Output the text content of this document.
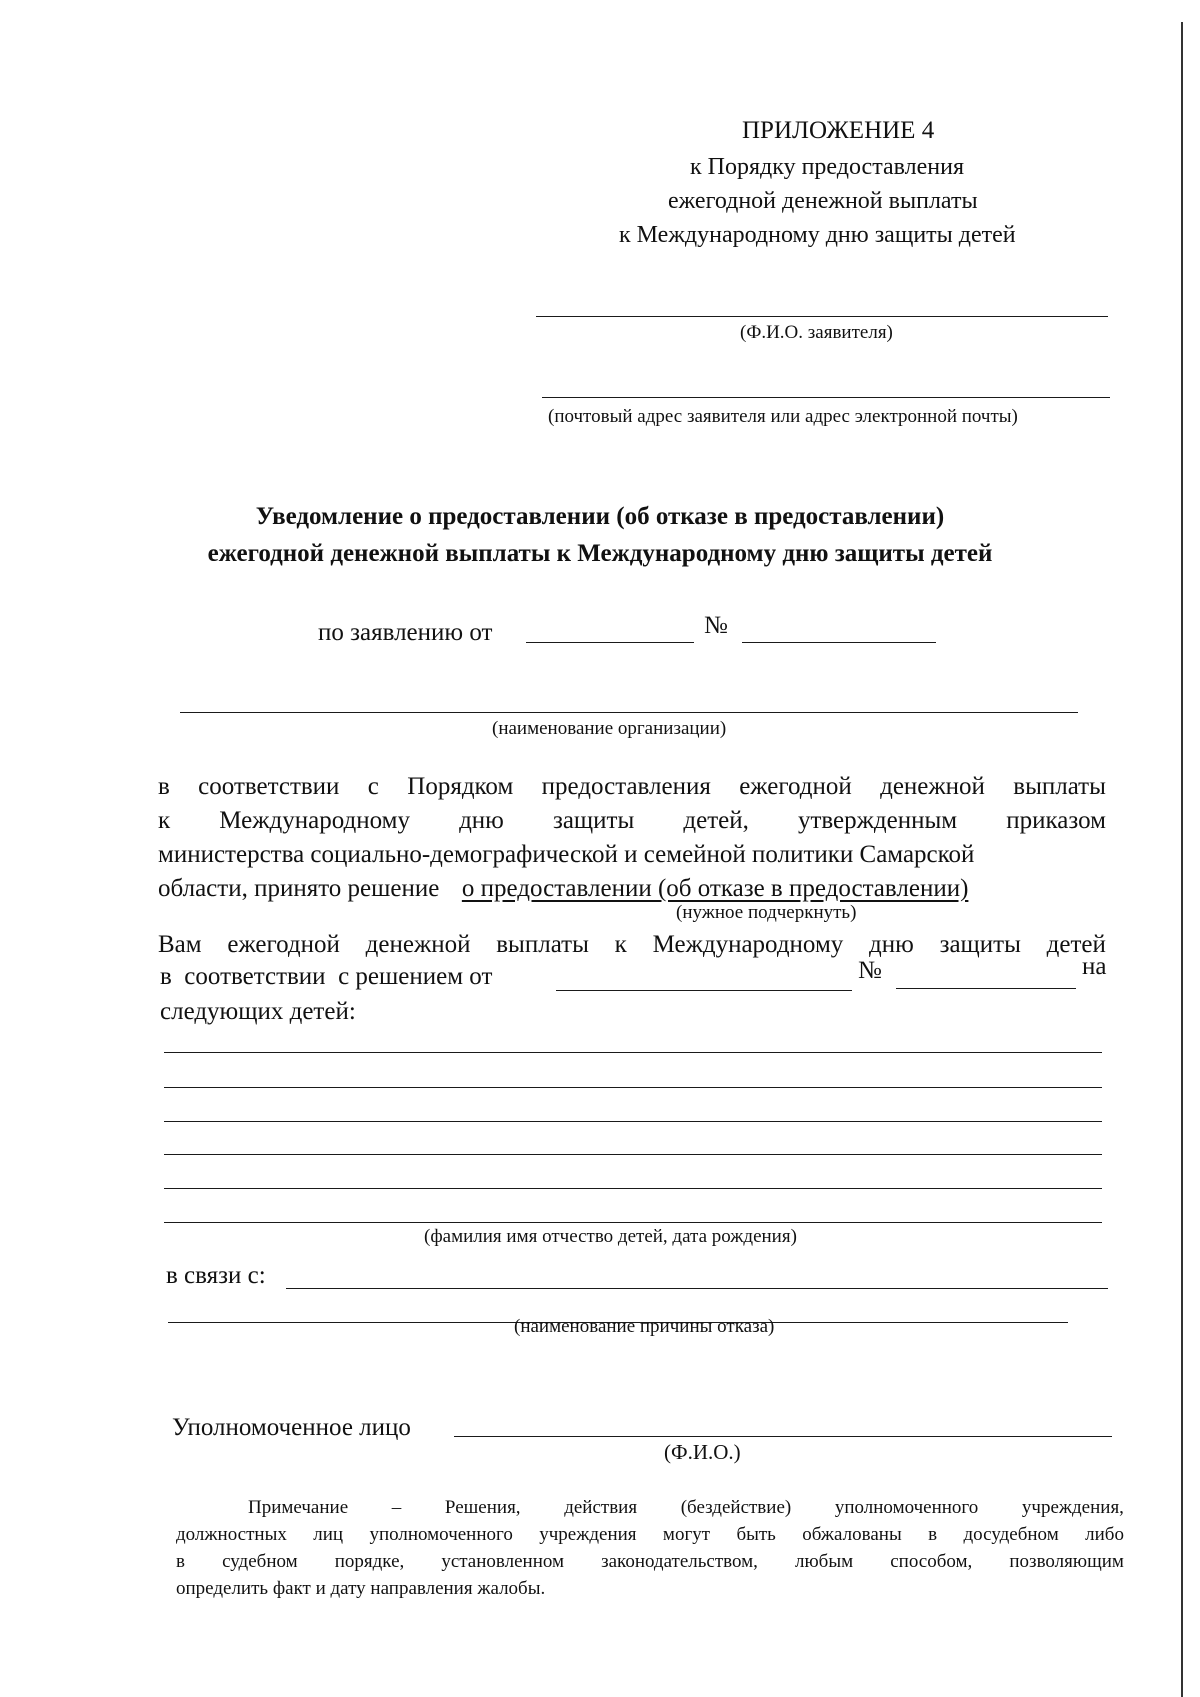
ПРИЛОЖЕНИЕ 4
к Порядку предоставления
ежегодной денежной выплаты
к Международному дню защиты детей
(Ф.И.О. заявителя)
(почтовый адрес заявителя или адрес электронной почты)
Уведомление о предоставлении (об отказе в предоставлении)
ежегодной денежной выплаты к Международному дню защиты детей
по заявлению от	№
(наименование организации)
в соответствии с Порядком предоставления ежегодной денежной выплаты
к Международному дню защиты детей, утвержденным приказом
министерства социально-демографической и семейной политики Самарской
области, принято решение о предоставлении (об отказе в предоставлении)
(нужное подчеркнуть)
Вам ежегодной денежной выплаты к Международному дню защиты детей
в  соответствии  с решением от	№	на
следующих детей:
(фамилия имя отчество детей, дата рождения)
в связи с:
(наименование причины отказа)
Уполномоченное лицо
(Ф.И.О.)
Примечание – Решения, действия (бездействие) уполномоченного учреждения,
должностных лиц уполномоченного учреждения могут быть обжалованы в досудебном либо
в судебном порядке, установленном законодательством, любым способом, позволяющим
определить факт и дату направления жалобы.
